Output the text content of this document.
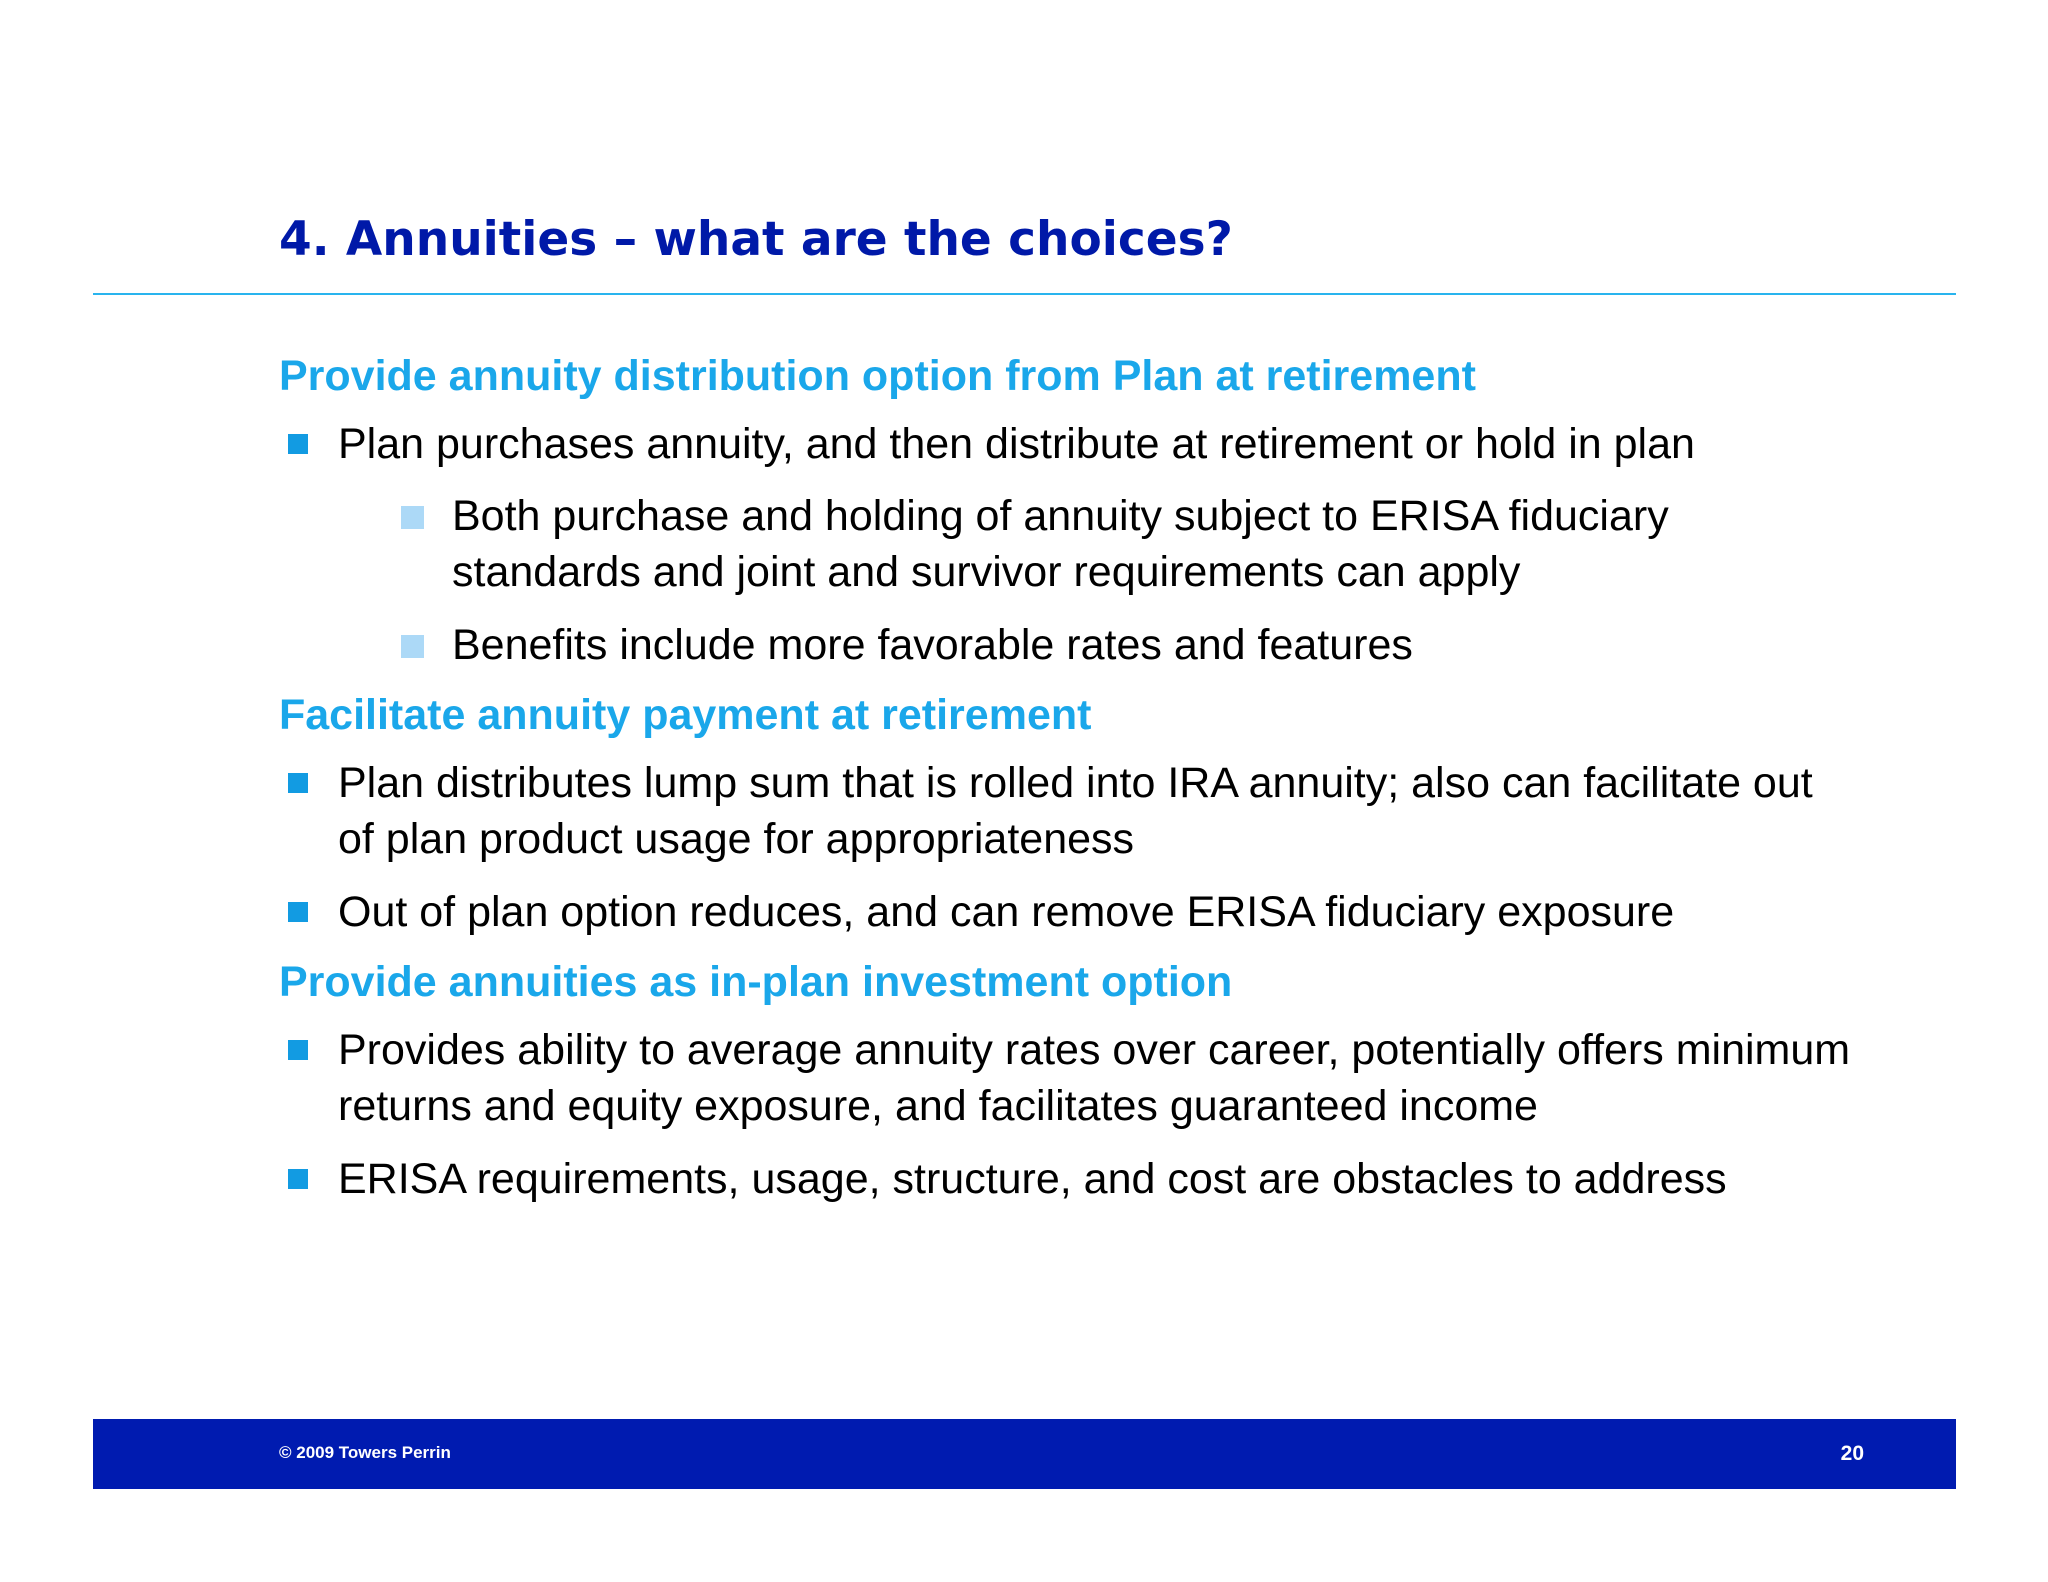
4. Annuities – what are the choices?
Provide annuity distribution option from Plan at retirement
Plan purchases annuity, and then distribute at retirement or hold in plan
Both purchase and holding of annuity subject to ERISA fiduciary standards and joint and survivor requirements can apply
Benefits include more favorable rates and features
Facilitate annuity payment at retirement
Plan distributes lump sum that is rolled into IRA annuity; also can facilitate out of plan product usage for appropriateness
Out of plan option reduces, and can remove ERISA fiduciary exposure
Provide annuities as in-plan investment option
Provides ability to average annuity rates over career, potentially offers minimum returns and equity exposure, and facilitates guaranteed income
ERISA requirements, usage, structure, and cost are obstacles to address
© 2009 Towers Perrin	20
